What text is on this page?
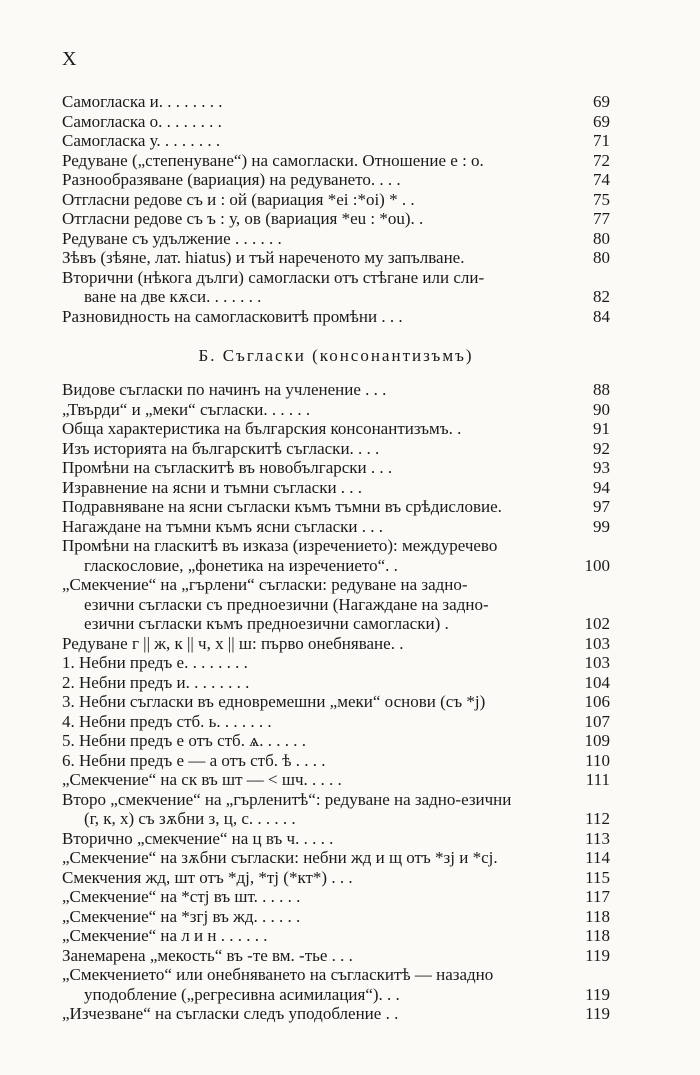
X
Самогласка и. . . . . . . .	69
Самогласка о. . . . . . . .	69
Самогласка у. . . . . . . .	71
Редуване („степенуване“) на самогласки. Отношение е : о.	72
Разнообразяване (вариация) на редуването. . . .	74
Отгласни редове съ и : ой (вариация *ei :*oi) * . .	75
Отгласни редове съ ъ : у, ов (вариация *eu : *ou). .	77
Редуване съ удължение . . . . . .	80
Зѣвъ (зѣяне, лат. hiatus) и тъй нареченото му запълване.	80
Вторични (нѣкога дълги) самогласки отъ стѣгане или сли-
ване на две кѫси. . . . . . .	82
Разновидность на самогласковитѣ промѣни . . .	84
Б. Съгласки (консонантизъмъ)
Видове съгласки по начинъ на учленение . . .	88
„Твърди“ и „меки“ съгласки. . . . . .	90
Обща характеристика на българския консонантизъмъ. .	91
Изъ историята на българскитѣ съгласки. . . .	92
Промѣни на съгласкитѣ въ новобългарски . . .	93
Изравнение на ясни и тъмни съгласки . . .	94
Подравняване на ясни съгласки къмъ тъмни въ срѣдисловие.	97
Нагаждане на тъмни къмъ ясни съгласки . . .	99
Промѣни на гласкитѣ въ изказа (изречението): междуречево
гласкословие, „фонетика на изречението“. .	100
„Смекчение“ на „гърлени“ съгласки: редуване на задно-
езични съгласки съ предноезични (Нагаждане на задно-
езични съгласки къмъ предноезични самогласки) .	102
Редуване г || ж, к || ч, х || ш: първо онебняване. .	103
1. Небни предъ е. . . . . . . .	103
2. Небни предъ и. . . . . . . .	104
3. Небни съгласки въ едновремешни „меки“ основи (съ *j)	106
4. Небни предъ стб. ь. . . . . . .	107
5. Небни предъ е отъ стб. ѧ. . . . . .	109
6. Небни предъ е — а отъ стб. ѣ . . . .	110
„Смекчение“ на ск въ шт — < шч. . . . .	111
Второ „смекчение“ на „гърленитѣ“: редуване на задно-езични
(г, к, х) съ зѫбни з, ц, с. . . . . .	112
Вторично „смекчение“ на ц въ ч. . . . .	113
„Смекчение“ на зѫбни съгласки: небни жд и щ отъ *зj и *cj.	114
Смекчения жд, шт отъ *дј, *тј (*кт*) . . .	115
„Смекчение“ на *стj въ шт. . . . . .	117
„Смекчение“ на *згj въ жд. . . . . .	118
„Смекчение“ на л и н . . . . . .	118
Занемарена „мекость“ въ -те вм. -тье . . .	119
„Смекчението“ или онебняването на съгласкитѣ — назадно
уподобление („регресивна асимилация“). . .	119
„Изчезване“ на съгласки следъ уподобление . .	119
